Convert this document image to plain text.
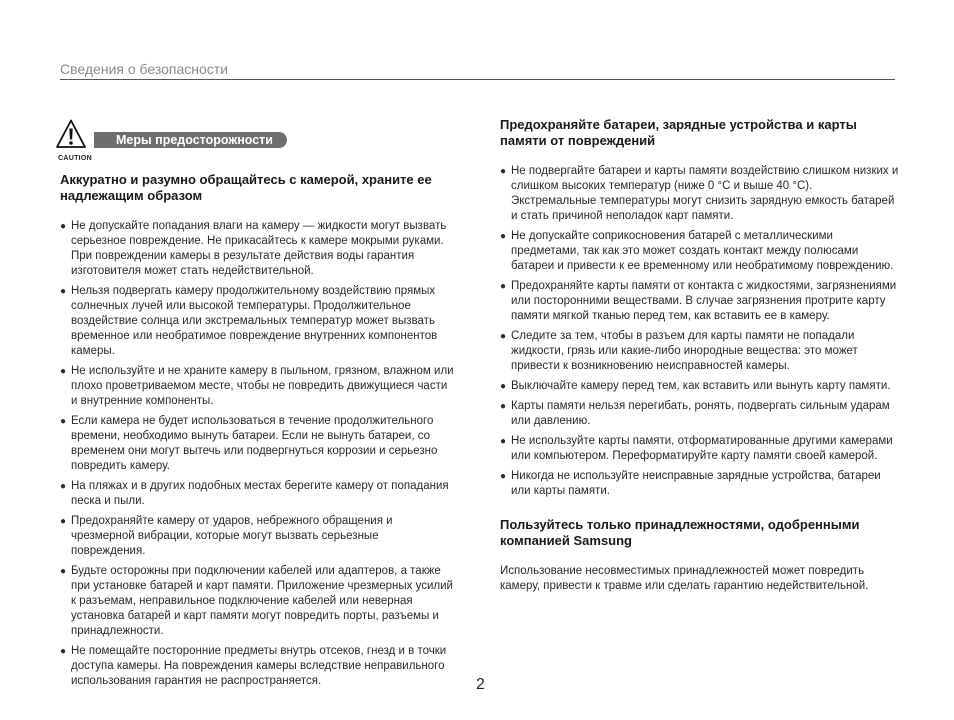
Сведения о безопасности
Меры предосторожности
CAUTION
Аккуратно и разумно обращайтесь с камерой, храните ее надлежащим образом
● Не допускайте попадания влаги на камеру — жидкости могут вызвать серьезное повреждение. Не прикасайтесь к камере мокрыми руками. При повреждении камеры в результате действия воды гарантия изготовителя может стать недействительной.
● Нельзя подвергать камеру продолжительному воздействию прямых солнечных лучей или высокой температуры. Продолжительное воздействие солнца или экстремальных температур может вызвать временное или необратимое повреждение внутренних компонентов камеры.
● Не используйте и не храните камеру в пыльном, грязном, влажном или плохо проветриваемом месте, чтобы не повредить движущиеся части и внутренние компоненты.
● Если камера не будет использоваться в течение продолжительного времени, необходимо вынуть батареи. Если не вынуть батареи, со временем они могут вытечь или подвергнуться коррозии и серьезно повредить камеру.
● На пляжах и в других подобных местах берегите камеру от попадания песка и пыли.
● Предохраняйте камеру от ударов, небрежного обращения и чрезмерной вибрации, которые могут вызвать серьезные повреждения.
● Будьте осторожны при подключении кабелей или адаптеров, а также при установке батарей и карт памяти. Приложение чрезмерных усилий к разъемам, неправильное подключение кабелей или неверная установка батарей и карт памяти могут повредить порты, разъемы и принадлежности.
● Не помещайте посторонние предметы внутрь отсеков, гнезд и в точки доступа камеры. На повреждения камеры вследствие неправильного использования гарантия не распространяется.
Предохраняйте батареи, зарядные устройства и карты памяти от повреждений
● Не подвергайте батареи и карты памяти воздействию слишком низких и слишком высоких температур (ниже 0 °C и выше 40 °C). Экстремальные температуры могут снизить зарядную емкость батарей и стать причиной неполадок карт памяти.
● Не допускайте соприкосновения батарей с металлическими предметами, так как это может создать контакт между полюсами батареи и привести к ее временному или необратимому повреждению.
● Предохраняйте карты памяти от контакта с жидкостями, загрязнениями или посторонними веществами. В случае загрязнения протрите карту памяти мягкой тканью перед тем, как вставить ее в камеру.
● Следите за тем, чтобы в разъем для карты памяти не попадали жидкости, грязь или какие-либо инородные вещества: это может привести к возникновению неисправностей камеры.
● Выключайте камеру перед тем, как вставить или вынуть карту памяти.
● Карты памяти нельзя перегибать, ронять, подвергать сильным ударам или давлению.
● Не используйте карты памяти, отформатированные другими камерами или компьютером. Переформатируйте карту памяти своей камерой.
● Никогда не используйте неисправные зарядные устройства, батареи или карты памяти.
Пользуйтесь только принадлежностями, одобренными компанией Samsung

Использование несовместимых принадлежностей может повредить камеру, привести к травме или сделать гарантию недействительной.

2
